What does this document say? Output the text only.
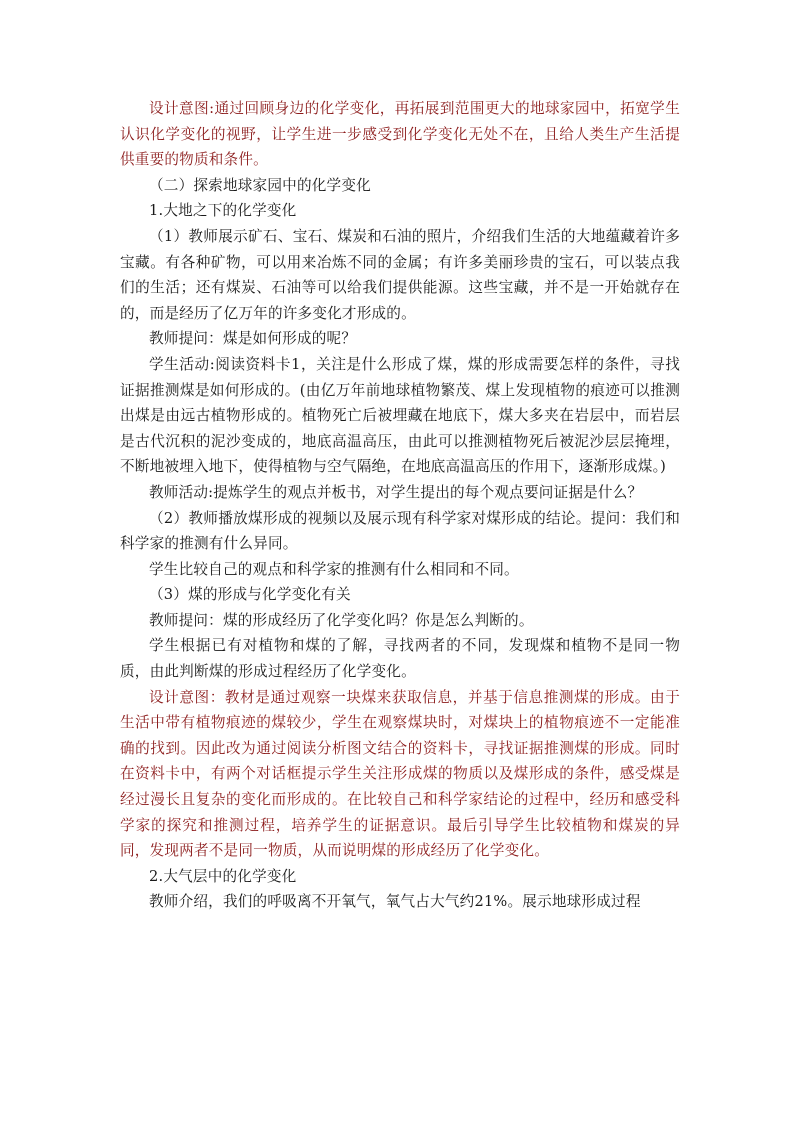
设计意图:通过回顾身边的化学变化，再拓展到范围更大的地球家园中，拓宽学生认识化学变化的视野，让学生进一步感受到化学变化无处不在，且给人类生产生活提供重要的物质和条件。

（二）探索地球家园中的化学变化

1.大地之下的化学变化

（1）教师展示矿石、宝石、煤炭和石油的照片，介绍我们生活的大地蕴藏着许多宝藏。有各种矿物，可以用来冶炼不同的金属；有许多美丽珍贵的宝石，可以装点我们的生活；还有煤炭、石油等可以给我们提供能源。这些宝藏，并不是一开始就存在的，而是经历了亿万年的许多变化才形成的。

教师提问：煤是如何形成的呢？

学生活动:阅读资料卡1，关注是什么形成了煤，煤的形成需要怎样的条件，寻找证据推测煤是如何形成的。(由亿万年前地球植物繁茂、煤上发现植物的痕迹可以推测出煤是由远古植物形成的。植物死亡后被埋藏在地底下，煤大多夹在岩层中，而岩层是古代沉积的泥沙变成的，地底高温高压，由此可以推测植物死后被泥沙层层掩埋，不断地被埋入地下，使得植物与空气隔绝，在地底高温高压的作用下，逐渐形成煤。)

教师活动:提炼学生的观点并板书，对学生提出的每个观点要问证据是什么？

（2）教师播放煤形成的视频以及展示现有科学家对煤形成的结论。提问：我们和科学家的推测有什么异同。

学生比较自己的观点和科学家的推测有什么相同和不同。

（3）煤的形成与化学变化有关

教师提问：煤的形成经历了化学变化吗？你是怎么判断的。

学生根据已有对植物和煤的了解，寻找两者的不同，发现煤和植物不是同一物质，由此判断煤的形成过程经历了化学变化。

设计意图：教材是通过观察一块煤来获取信息，并基于信息推测煤的形成。由于生活中带有植物痕迹的煤较少，学生在观察煤块时，对煤块上的植物痕迹不一定能准确的找到。因此改为通过阅读分析图文结合的资料卡，寻找证据推测煤的形成。同时在资料卡中，有两个对话框提示学生关注形成煤的物质以及煤形成的条件，感受煤是经过漫长且复杂的变化而形成的。在比较自己和科学家结论的过程中，经历和感受科学家的探究和推测过程，培养学生的证据意识。最后引导学生比较植物和煤炭的异同，发现两者不是同一物质，从而说明煤的形成经历了化学变化。

2.大气层中的化学变化

教师介绍，我们的呼吸离不开氧气，氧气占大气约21%。展示地球形成过程
